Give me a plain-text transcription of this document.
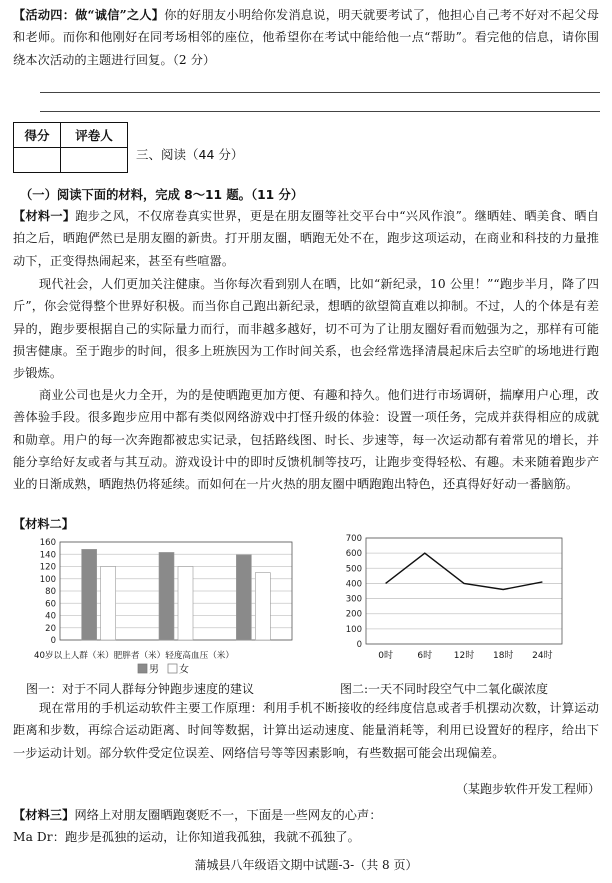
【活动四：做“诚信”之人】你的好朋友小明给你发消息说，明天就要考试了，他担心自己考不好对不起父母和老师。而你和他刚好在同考场相邻的座位，他希望你在考试中能给他一点“帮助”。看完他的信息，请你围绕本次活动的主题进行回复。（2 分）

得分	评卷人

三、阅读（44 分）
（一）阅读下面的材料，完成 8～11 题。（11 分）

【材料一】跑步之风，不仅席卷真实世界，更是在朋友圈等社交平台中“兴风作浪”。继晒娃、晒美食、晒自拍之后，晒跑俨然已是朋友圈的新贵。打开朋友圈，晒跑无处不在，跑步这项运动，在商业和科技的力量推动下，正变得热闹起来，甚至有些喧嚣。

现代社会，人们更加关注健康。当你每次看到别人在晒，比如“新纪录，10 公里！”“跑步半月，降了四斤”，你会觉得整个世界好积极。而当你自己跑出新纪录，想晒的欲望简直难以抑制。不过，人的个体是有差异的，跑步要根据自己的实际量力而行，而非越多越好，切不可为了让朋友圈好看而勉强为之，那样有可能损害健康。至于跑步的时间，很多上班族因为工作时间关系，也会经常选择清晨起床后去空旷的场地进行跑步锻炼。

商业公司也是火力全开，为的是使晒跑更加方便、有趣和持久。他们进行市场调研，揣摩用户心理，改善体验手段。很多跑步应用中都有类似网络游戏中打怪升级的体验：设置一项任务，完成并获得相应的成就和勋章。用户的每一次奔跑都被忠实记录，包括路线图、时长、步速等，每一次运动都有着常见的增长，并能分享给好友或者与其互动。游戏设计中的即时反馈机制等技巧，让跑步变得轻松、有趣。未来随着跑步产业的日渐成熟，晒跑热仍将延续。而如何在一片火热的朋友圈中晒跑跑出特色，还真得好好动一番脑筋。

【材料二】
0
20
40
60
80
100
120
140
160
40岁以上人群（米）肥胖者（米）轻度高血压（米）
男 女
0
100
200
300
400
500
600
700
0时	6时 12时 18时 24时
图一：对于不同人群每分钟跑步速度的建议	图二:一天不同时段空气中二氧化碳浓度

现在常用的手机运动软件主要工作原理：利用手机不断接收的经纬度信息或者手机摆动次数，计算运动距离和步数，再综合运动距离、时间等数据，计算出运动速度、能量消耗等，利用已设置好的程序，给出下一步运动计划。部分软件受定位误差、网络信号等等因素影响，有些数据可能会出现偏差。

（某跑步软件开发工程师）

【材料三】网络上对朋友圈晒跑褒贬不一，下面是一些网友的心声：

Ma Dr：跑步是孤独的运动，让你知道我孤独，我就不孤独了。

蒲城县八年级语文期中试题-3-（共 8 页）
